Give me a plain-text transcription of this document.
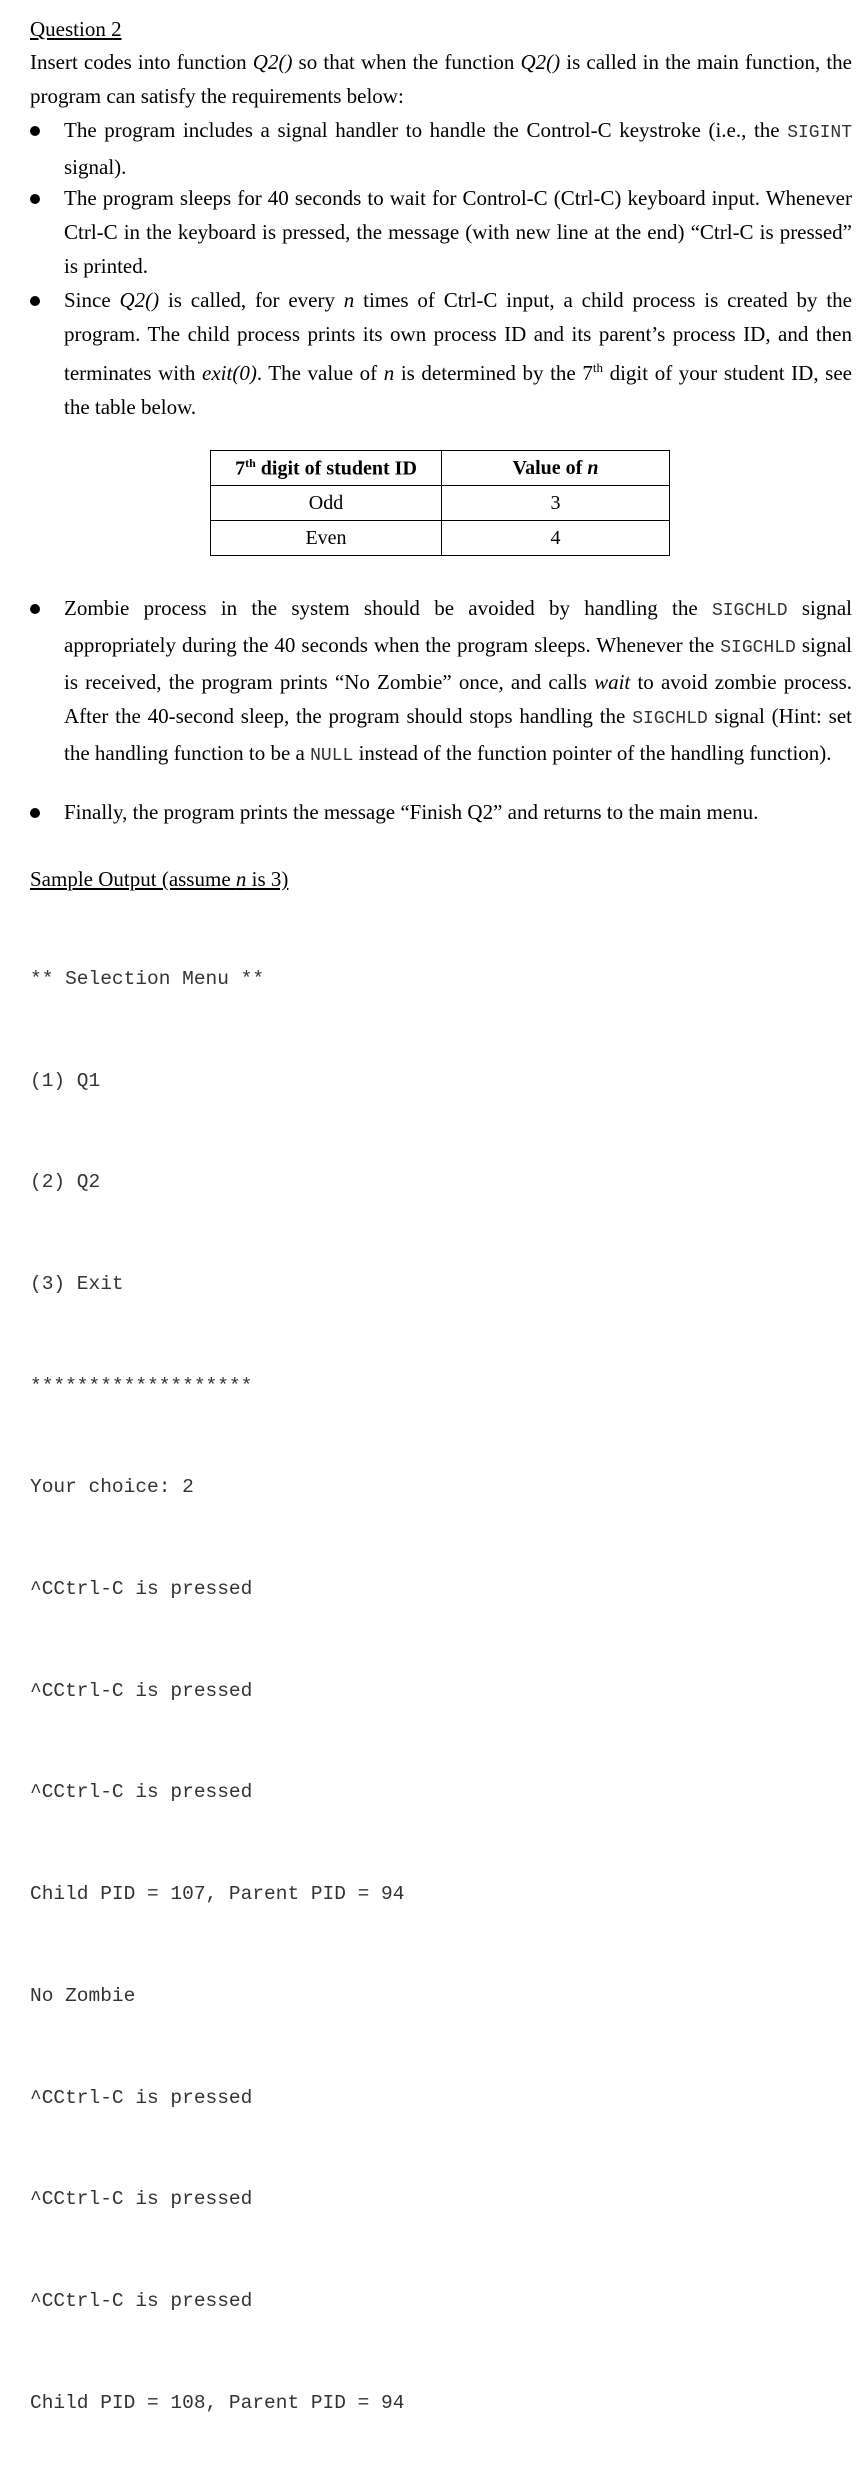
Question 2
Insert codes into function Q2() so that when the function Q2() is called in the main function, the program can satisfy the requirements below:
The program includes a signal handler to handle the Control-C keystroke (i.e., the SIGINT signal).
The program sleeps for 40 seconds to wait for Control-C (Ctrl-C) keyboard input. Whenever Ctrl-C in the keyboard is pressed, the message (with new line at the end) “Ctrl-C is pressed” is printed.
Since Q2() is called, for every n times of Ctrl-C input, a child process is created by the program. The child process prints its own process ID and its parent’s process ID, and then terminates with exit(0). The value of n is determined by the 7th digit of your student ID, see the table below.
7th digit of student ID	Value of n
Odd	3
Even	4
Zombie process in the system should be avoided by handling the SIGCHLD signal appropriately during the 40 seconds when the program sleeps. Whenever the SIGCHLD signal is received, the program prints “No Zombie” once, and calls wait to avoid zombie process. After the 40-second sleep, the program should stops handling the SIGCHLD signal (Hint: set the handling function to be a NULL instead of the function pointer of the handling function).
Finally, the program prints the message “Finish Q2” and returns to the main menu.
Sample Output (assume n is 3)

** Selection Menu **

(1) Q1

(2) Q2

(3) Exit

*******************

Your choice: 2

^CCtrl-C is pressed

^CCtrl-C is pressed

^CCtrl-C is pressed

Child PID = 107, Parent PID = 94

No Zombie

^CCtrl-C is pressed

^CCtrl-C is pressed

^CCtrl-C is pressed

Child PID = 108, Parent PID = 94
